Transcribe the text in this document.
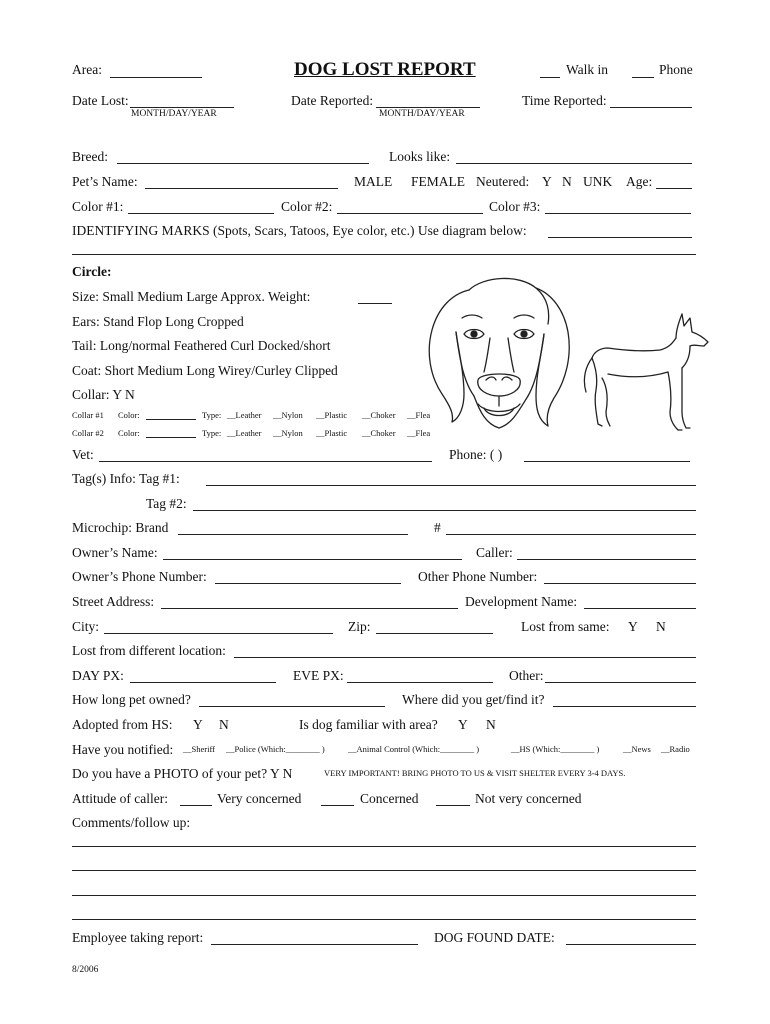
Area:	DOG LOST REPORT	Walk in	Phone
Date Lost:
MONTH/DAY/YEAR
Date Reported:
MONTH/DAY/YEAR
Time Reported:
Breed:	Looks like:
Pet’s Name:	MALE FEMALE Neutered: Y N UNK Age:
Color #1:	Color #2:	Color #3:
IDENTIFYING MARKS (Spots, Scars, Tatoos, Eye color, etc.) Use diagram below:
Circle:
Size: Small Medium Large Approx. Weight:
Ears: Stand Flop Long Cropped
Tail: Long/normal Feathered Curl Docked/short
Coat: Short Medium Long Wirey/Curley Clipped
Collar: Y N
Collar #1 Color:	Type: __Leather __Nylon __Plastic __Choker __Flea
Collar #2 Color:	Type: __Leather __Nylon __Plastic __Choker __Flea
Vet:	Phone: ( )
Tag(s) Info: Tag #1:
Tag #2:
Microchip: Brand	#
Owner’s Name:	Caller:
Owner’s Phone Number:	Other Phone Number:
Street Address:	Development Name:
City:	Zip:	Lost from same: Y N
Lost from different location:
DAY PX:	EVE PX:	Other:
How long pet owned?	Where did you get/find it?
Adopted from HS: Y N	Is dog familiar with area? Y N
Have you notified: __Sheriff __Police (Which:________ )	__Animal Control (Which:________ )	__HS (Which:________ )	__News __Radio
Do you have a PHOTO of your pet? Y N	VERY IMPORTANT! BRING PHOTO TO US & VISIT SHELTER EVERY 3-4 DAYS.
Attitude of caller:	Very concerned	Concerned	Not very concerned
Comments/follow up:
Employee taking report:	DOG FOUND DATE:
8/2006
